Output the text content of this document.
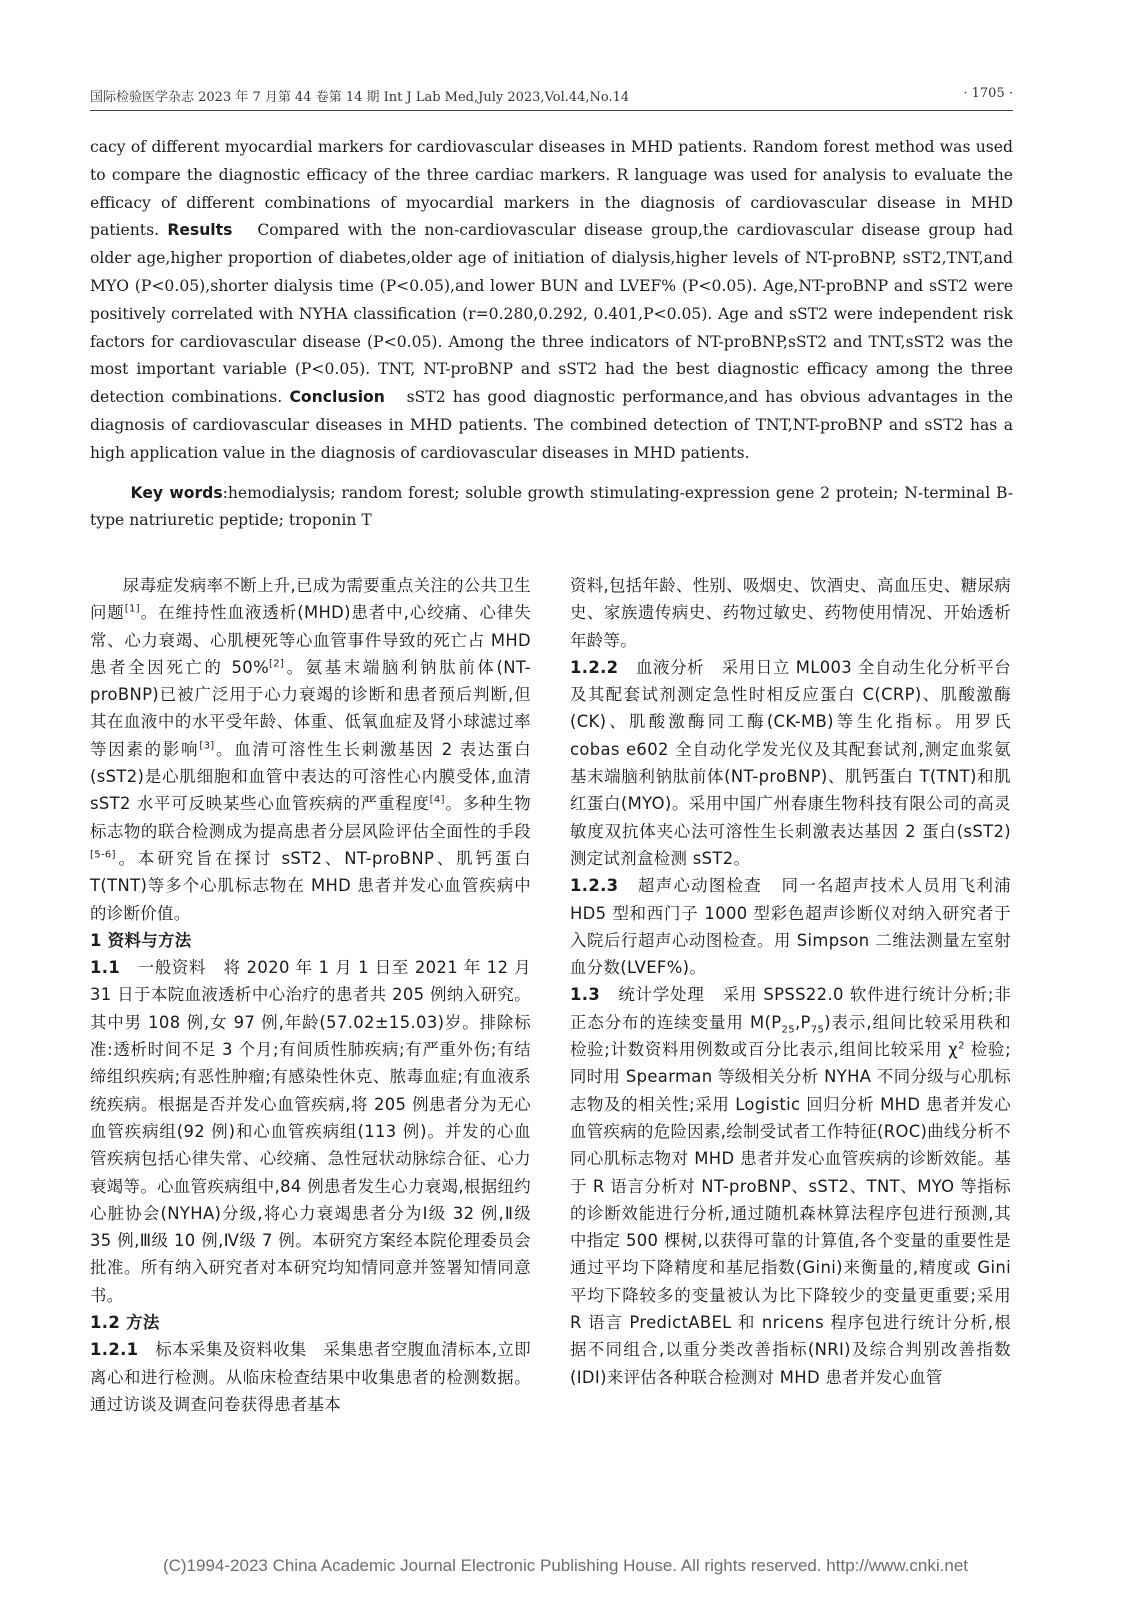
国际检验医学杂志 2023 年 7 月第 44 卷第 14 期 Int J Lab Med,July 2023,Vol.44,No.14	· 1705 ·

cacy of different myocardial markers for cardiovascular diseases in MHD patients. Random forest method was used to compare the diagnostic efficacy of the three cardiac markers. R language was used for analysis to evaluate the efficacy of different combinations of myocardial markers in the diagnosis of cardiovascular disease in MHD patients. Results Compared with the non-cardiovascular disease group,the cardiovascular disease group had older age,higher proportion of diabetes,older age of initiation of dialysis,higher levels of NT-proBNP, sST2,TNT,and MYO (P<0.05),shorter dialysis time (P<0.05),and lower BUN and LVEF% (P<0.05). Age,NT-proBNP and sST2 were positively correlated with NYHA classification (r=0.280,0.292, 0.401,P<0.05). Age and sST2 were independent risk factors for cardiovascular disease (P<0.05). Among the three indicators of NT-proBNP,sST2 and TNT,sST2 was the most important variable (P<0.05). TNT, NT-proBNP and sST2 had the best diagnostic efficacy among the three detection combinations. Conclusion sST2 has good diagnostic performance,and has obvious advantages in the diagnosis of cardiovascular diseases in MHD patients. The combined detection of TNT,NT-proBNP and sST2 has a high application value in the diagnosis of cardiovascular diseases in MHD patients.

Key words:hemodialysis; random forest; soluble growth stimulating-expression gene 2 protein; N-terminal B-type natriuretic peptide; troponin T

尿毒症发病率不断上升,已成为需要重点关注的公共卫生问题[1]。在维持性血液透析(MHD)患者中,心绞痛、心律失常、心力衰竭、心肌梗死等心血管事件导致的死亡占 MHD 患者全因死亡的 50%[2]。氨基末端脑利钠肽前体(NT-proBNP)已被广泛用于心力衰竭的诊断和患者预后判断,但其在血液中的水平受年龄、体重、低氧血症及肾小球滤过率等因素的影响[3]。血清可溶性生长刺激基因 2 表达蛋白(sST2)是心肌细胞和血管中表达的可溶性心内膜受体,血清 sST2 水平可反映某些心血管疾病的严重程度[4]。多种生物标志物的联合检测成为提高患者分层风险评估全面性的手段[5-6]。本研究旨在探讨 sST2、NT-proBNP、肌钙蛋白 T(TNT)等多个心肌标志物在 MHD 患者并发心血管疾病中的诊断价值。

1 资料与方法

1.1 一般资料 将 2020 年 1 月 1 日至 2021 年 12 月 31 日于本院血液透析中心治疗的患者共 205 例纳入研究。其中男 108 例,女 97 例,年龄(57.02±15.03)岁。排除标准:透析时间不足 3 个月;有间质性肺疾病;有严重外伤;有结缔组织疾病;有恶性肿瘤;有感染性休克、脓毒血症;有血液系统疾病。根据是否并发心血管疾病,将 205 例患者分为无心血管疾病组(92 例)和心血管疾病组(113 例)。并发的心血管疾病包括心律失常、心绞痛、急性冠状动脉综合征、心力衰竭等。心血管疾病组中,84 例患者发生心力衰竭,根据纽约心脏协会(NYHA)分级,将心力衰竭患者分为Ⅰ级 32 例,Ⅱ级 35 例,Ⅲ级 10 例,Ⅳ级 7 例。本研究方案经本院伦理委员会批准。所有纳入研究者对本研究均知情同意并签署知情同意书。

1.2 方法

1.2.1 标本采集及资料收集 采集患者空腹血清标本,立即离心和进行检测。从临床检查结果中收集患者的检测数据。通过访谈及调查问卷获得患者基本

资料,包括年龄、性别、吸烟史、饮酒史、高血压史、糖尿病史、家族遗传病史、药物过敏史、药物使用情况、开始透析年龄等。

1.2.2 血液分析 采用日立 ML003 全自动生化分析平台及其配套试剂测定急性时相反应蛋白 C(CRP)、肌酸激酶(CK)、肌酸激酶同工酶(CK-MB)等生化指标。用罗氏 cobas e602 全自动化学发光仪及其配套试剂,测定血浆氨基末端脑利钠肽前体(NT-proBNP)、肌钙蛋白 T(TNT)和肌红蛋白(MYO)。采用中国广州春康生物科技有限公司的高灵敏度双抗体夹心法可溶性生长刺激表达基因 2 蛋白(sST2)测定试剂盒检测 sST2。

1.2.3 超声心动图检查 同一名超声技术人员用飞利浦 HD5 型和西门子 1000 型彩色超声诊断仪对纳入研究者于入院后行超声心动图检查。用 Simpson 二维法测量左室射血分数(LVEF%)。

1.3 统计学处理 采用 SPSS22.0 软件进行统计分析;非正态分布的连续变量用 $M(P_{25},P_{75})$表示,组间比较采用秩和检验;计数资料用例数或百分比表示,组间比较采用 $\chi^2$ 检验;同时用 Spearman 等级相关分析 NYHA 不同分级与心肌标志物及的相关性;采用 Logistic 回归分析 MHD 患者并发心血管疾病的危险因素,绘制受试者工作特征(ROC)曲线分析不同心肌标志物对 MHD 患者并发心血管疾病的诊断效能。基于 R 语言分析对 NT-proBNP、sST2、TNT、MYO 等指标的诊断效能进行分析,通过随机森林算法程序包进行预测,其中指定 500 棵树,以获得可靠的计算值,各个变量的重要性是通过平均下降精度和基尼指数(Gini)来衡量的,精度或 Gini 平均下降较多的变量被认为比下降较少的变量更重要;采用 R 语言 PredictABEL 和 nricens 程序包进行统计分析,根据不同组合,以重分类改善指标(NRI)及综合判别改善指数(IDI)来评估各种联合检测对 MHD 患者并发心血管

(C)1994-2023 China Academic Journal Electronic Publishing House. All rights reserved. http://www.cnki.net
